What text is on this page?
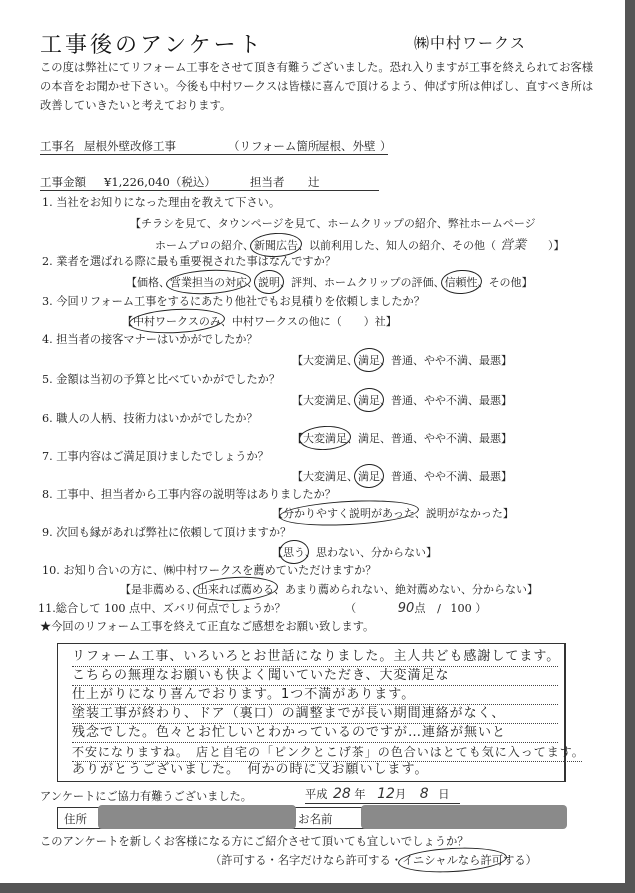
工事後のアンケート	㈱中村ワークス
この度は弊社にてリフォーム工事をさせて頂き有難うございました。恐れ入りますが工事を終えられてお客様の本音をお聞かせ下さい。今後も中村ワークスは皆様に喜んで頂けるよう、伸ばす所は伸ばし、直すべき所は改善していきたいと考えております。
工事名 屋根外壁改修工事	（リフォーム箇所
屋根、外壁 ）
工事金額 ¥1,226,040（税込）	担当者 辻
1. 当社をお知りになった理由を教えて下さい。
【チラシを見て、タウンページを見て、ホームクリップの紹介、弊社ホームページ
ホームプロの紹介、新聞広告、以前利用した、知人の紹介、その他（ 営業 ）】
2. 業者を選ばれる際に最も重要視された事はなんですか？
【価格、営業担当の対応、説明、評判、ホームクリップの評価、信頼性、その他】
3. 今回リフォーム工事をするにあたり他社でもお見積りを依頼しましたか？
【中村ワークスのみ、中村ワークスの他に（　　）社】
4. 担当者の接客マナーはいかがでしたか？
【大変満足、満足、普通、やや不満、最悪】
5. 金額は当初の予算と比べていかがでしたか？
【大変満足、満足、普通、やや不満、最悪】
6. 職人の人柄、技術力はいかがでしたか？
【大変満足、満足、普通、やや不満、最悪】
7. 工事内容はご満足頂けましたでしょうか？
【大変満足、満足、普通、やや不満、最悪】
8. 工事中、担当者から工事内容の説明等はありましたか？
【分かりやすく説明があった、説明がなかった】
9. 次回も縁があれば弊社に依頼して頂けますか？
【思う、思わない、分からない】
10. お知り合いの方に、㈱中村ワークスを薦めていただけますか？
【是非薦める、出来れば薦める、あまり薦められない、絶対薦めない、分からない】
11.総合して 100 点中、ズバリ何点でしょうか？	（	90点 / 100 ）
★今回のリフォーム工事を終えて正直なご感想をお願い致します。
リフォーム工事、いろいろとお世話になりました。主人共ども感謝してます。
こちらの無理なお願いも快よく聞いていただき、大変満足な
仕上がりになり喜んでおります。1つ不満があります。
塗装工事が終わり、ドア（裏口）の調整までが長い期間連絡がなく、
残念でした。色々とお忙しいとわかっているのですが…連絡が無いと
不安になりますね。　店と自宅の「ピンクとこげ茶」の色合いはとても気に入ってます。
ありがとうございました。　何かの時に又お願いします。
アンケートにご協力有難うございました。	平成 28 年 12月 8 日
住所	お名前
このアンケートを新しくお客様になる方にご紹介させて頂いても宜しいでしょうか？
（許可する・名字だけなら許可する・イニシャルなら許可する）
